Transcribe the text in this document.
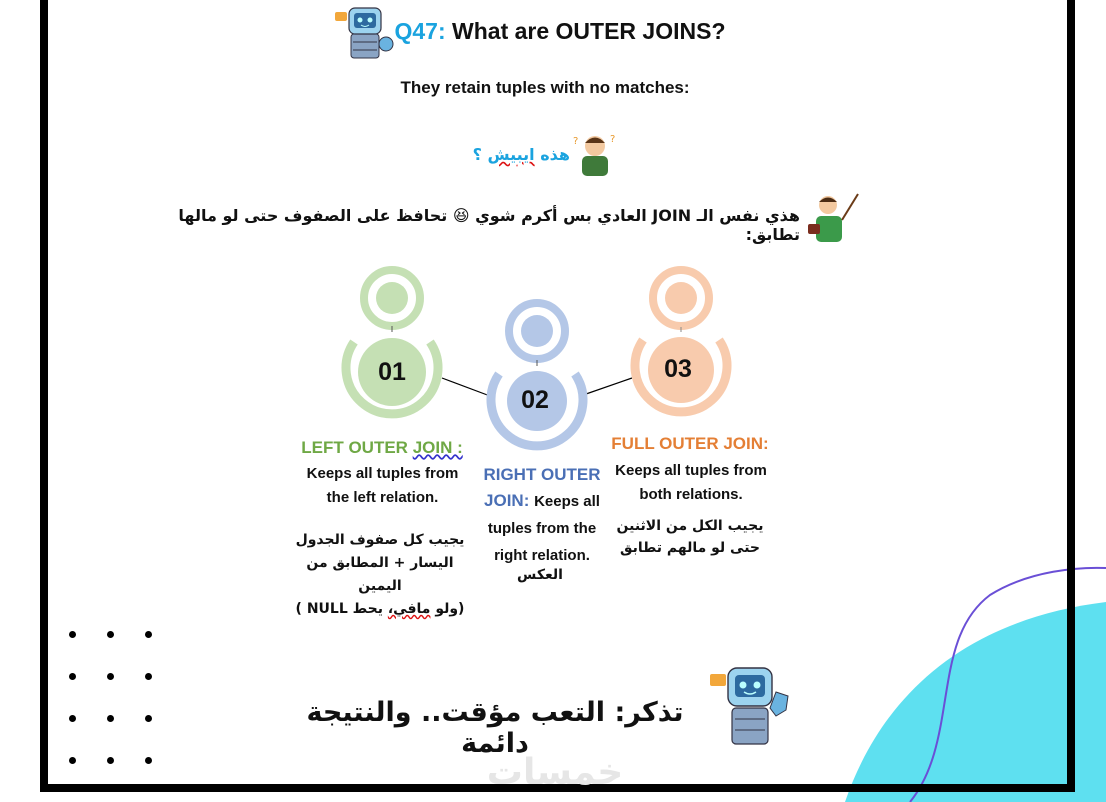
Q47: What are OUTER JOINS?
They retain tuples with no matches:
?	?
هذه ايبيش ؟
هذي نفس الـ JOIN العادي بس أكرم شوي 😆 تحافظ على الصفوف حتى لو مالها تطابق:
01
02
03
LEFT OUTER JOIN :
Keeps all tuples from the left relation.
يجيب كل صفوف الجدول
اليسار + المطابق من اليمين
(ولو مافي، يحط NULL )
RIGHT OUTER JOIN: Keeps all tuples from the right relation.
العكس
FULL OUTER JOIN:
Keeps all tuples from both relations.
يجيب الكل من الاثنين
حتى لو مالهم تطابق
تذكر: التعب مؤقت.. والنتيجة دائمة
خمسات
